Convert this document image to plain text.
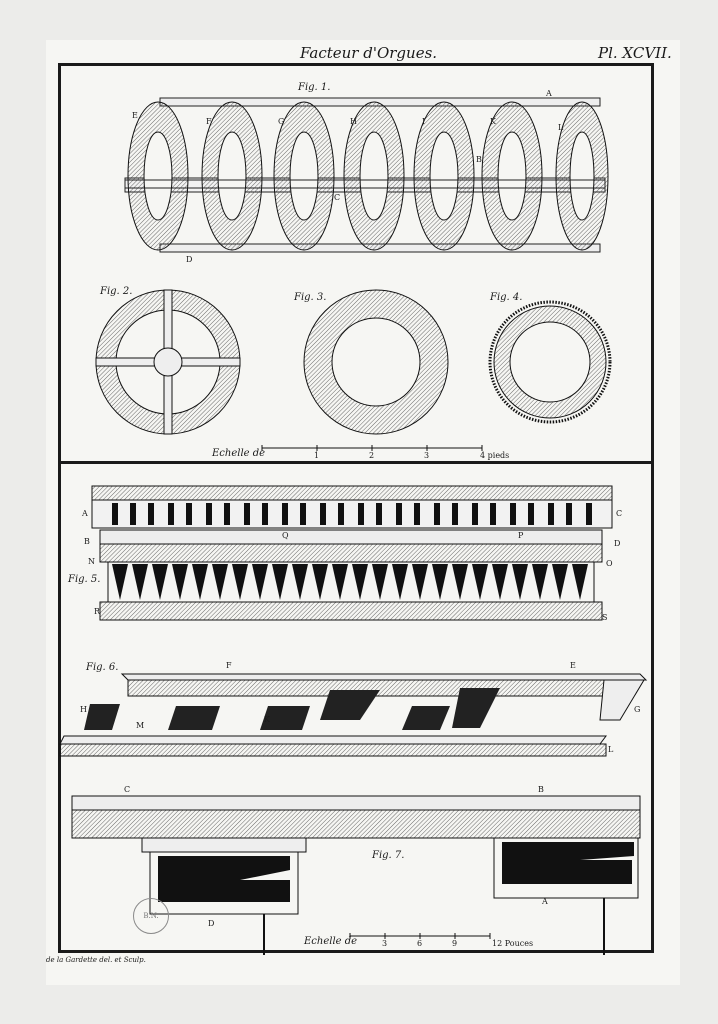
Facteur d'Orgues.	Pl. XCVII.
Fig. 1.
A
B
C
D
E
F	G	H	I	K
L
Fig. 2.
Fig. 3.	Fig. 4.
Echelle de	1	2	3	4 pieds
Fig. 5.
A
B
C
D
N	O
P
Q
R
S
Fig. 6.	E
F
G
H
K
L
M
Fig. 7.
A
B
C
D
Echelle de	3	6	9	12 Pouces
B.N.
de la Gardette del. et Sculp.
